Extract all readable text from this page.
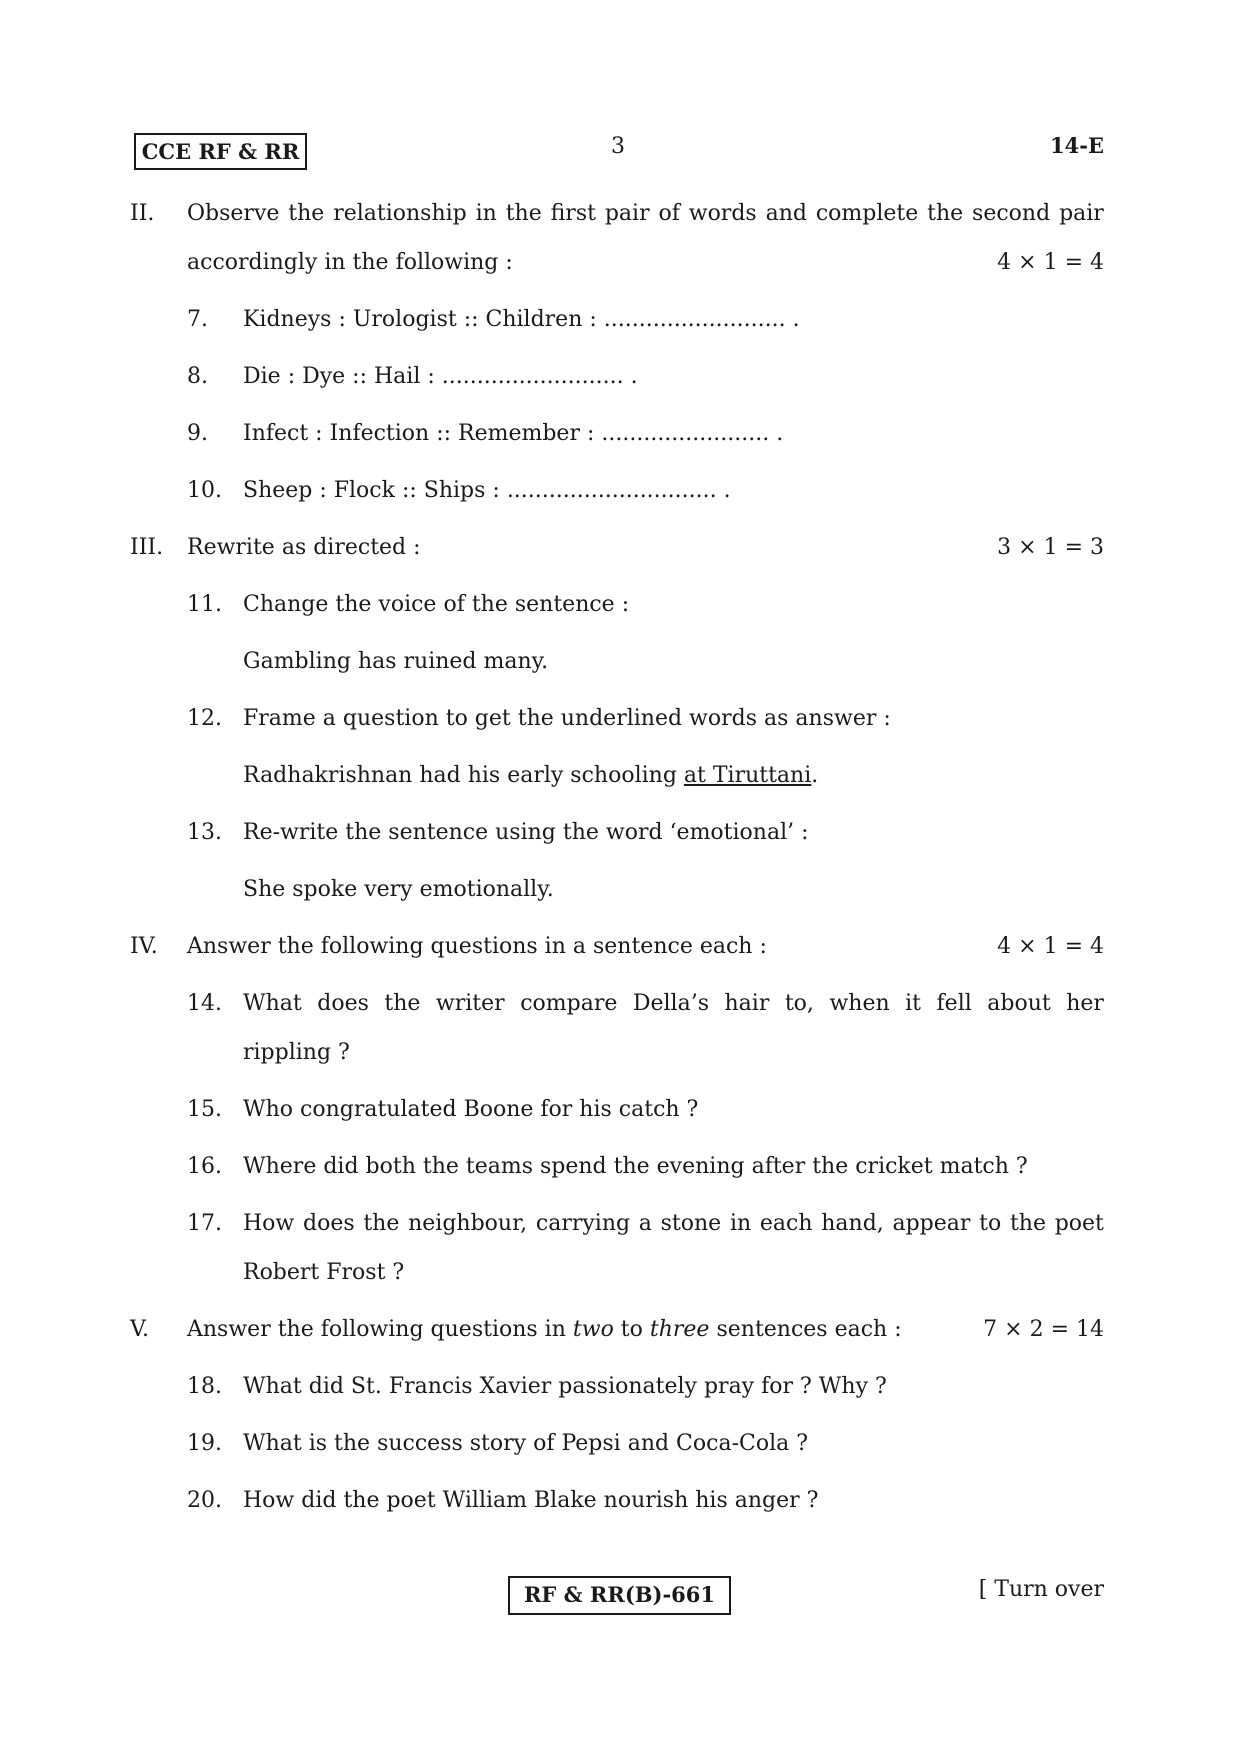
CCE RF & RR	3	14-E
II. Observe the relationship in the first pair of words and complete the second pair
accordingly in the following :	4 × 1 = 4
7. Kidneys : Urologist :: Children : .......................... .
8. Die : Dye :: Hail : .......................... .
9. Infect : Infection :: Remember : ........................ .
10. Sheep : Flock :: Ships : .............................. .
III. Rewrite as directed :	3 × 1 = 3
11. Change the voice of the sentence :
Gambling has ruined many.
12. Frame a question to get the underlined words as answer :
Radhakrishnan had his early schooling at Tiruttani.
13. Re-write the sentence using the word ‘emotional’ :
She spoke very emotionally.
IV. Answer the following questions in a sentence each :	4 × 1 = 4
14. What does the writer compare Della’s hair to, when it fell about her
rippling ?
15. Who congratulated Boone for his catch ?
16. Where did both the teams spend the evening after the cricket match ?
17. How does the neighbour, carrying a stone in each hand, appear to the poet
Robert Frost ?
V. Answer the following questions in two to three sentences each :	7 × 2 = 14
18. What did St. Francis Xavier passionately pray for ? Why ?
19. What is the success story of Pepsi and Coca-Cola ?
20. How did the poet William Blake nourish his anger ?
RF & RR(B)-661	[ Turn over
